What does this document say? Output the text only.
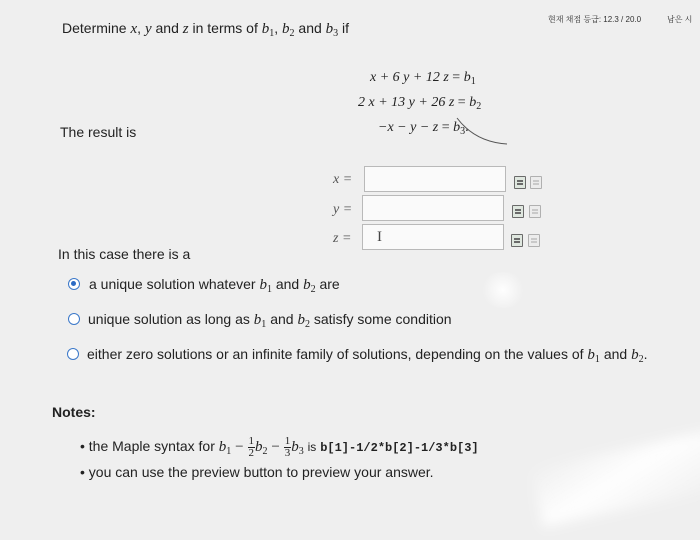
현재 채점 등급: 12.3 / 20.0	남은 시
Determine x, y and z in terms of $b_1$, $b_2$ and $b_3$ if
x + 6 y + 12 $z = b_1$
2 x + 13 y + 26 $z = b_2$
$-x - y - z = b_3$.
The result is
x =
y =
z = I
In this case there is a
a unique solution whatever $b_1$ and $b_2$ are
unique solution as long as $b_1$ and $b_2$ satisfy some condition
either zero solutions or an infinite family of solutions, depending on the values of $b_1$ and $b_2$.
Notes:
• the Maple syntax for $b_1 - \frac{1}{2} b_2 - \frac{1}{3} b_3$ is b[1]-1/2*b[2]-1/3*b[3]
• you can use the preview button to preview your answer.
